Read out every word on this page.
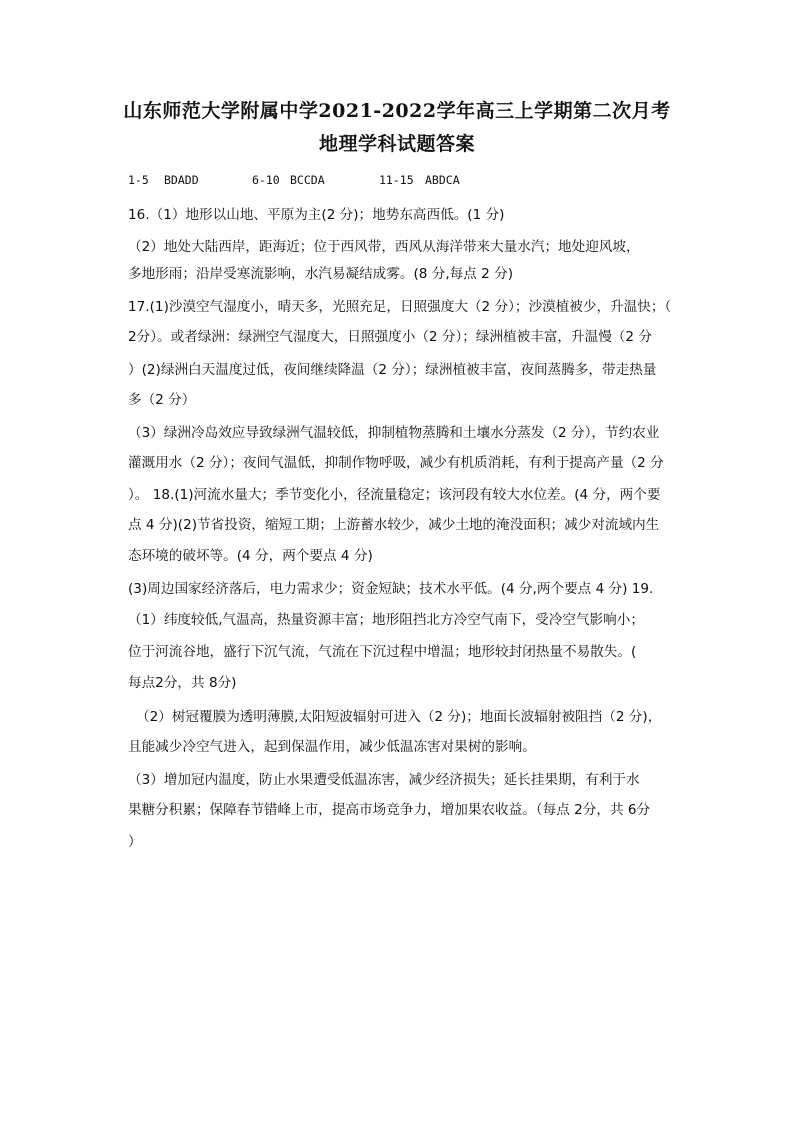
山东师范大学附属中学2021-2022学年高三上学期第二次月考
地理学科试题答案
1-5 BDADD	6-10 BCCDA	11-15 ABDCA
16.（1）地形以山地、平原为主(2 分)；地势东高西低。(1 分)
（2）地处大陆西岸，距海近；位于西风带，西风从海洋带来大量水汽；地处迎风坡，
多地形雨；沿岸受寒流影响，水汽易凝结成雾。(8 分,每点 2 分)
17.(1)沙漠空气湿度小，晴天多，光照充足，日照强度大（2 分）；沙漠植被少，升温快；（
2分）。或者绿洲：绿洲空气湿度大，日照强度小（2 分）；绿洲植被丰富，升温慢（2 分
）(2)绿洲白天温度过低，夜间继续降温（2 分）；绿洲植被丰富，夜间蒸腾多，带走热量
多（2 分）
（3）绿洲冷岛效应导致绿洲气温较低，抑制植物蒸腾和土壤水分蒸发（2 分），节约农业
灌溉用水（2 分）；夜间气温低，抑制作物呼吸，减少有机质消耗，有利于提高产量（2 分
）。 18.(1)河流水量大；季节变化小，径流量稳定；该河段有较大水位差。(4 分，两个要
点 4 分)(2)节省投资，缩短工期；上游蓄水较少，减少土地的淹没面积；减少对流域内生
态环境的破坏等。(4 分，两个要点 4 分)
(3)周边国家经济落后，电力需求少；资金短缺；技术水平低。(4 分,两个要点 4 分) 19.
（1）纬度较低,气温高，热量资源丰富；地形阻挡北方冷空气南下，受冷空气影响小；
位于河流谷地，盛行下沉气流，气流在下沉过程中增温；地形较封闭热量不易散失。(
每点2分，共 8分)
（2）树冠覆膜为透明薄膜,太阳短波辐射可进入（2 分)；地面长波辐射被阻挡（2 分)，
且能减少冷空气进入，起到保温作用，减少低温冻害对果树的影响。
（3）增加冠内温度，防止水果遭受低温冻害，减少经济损失；延长挂果期，有利于水
果糖分积累；保障春节错峰上市，提高市场竞争力，增加果农收益。（每点 2分，共 6分
）
